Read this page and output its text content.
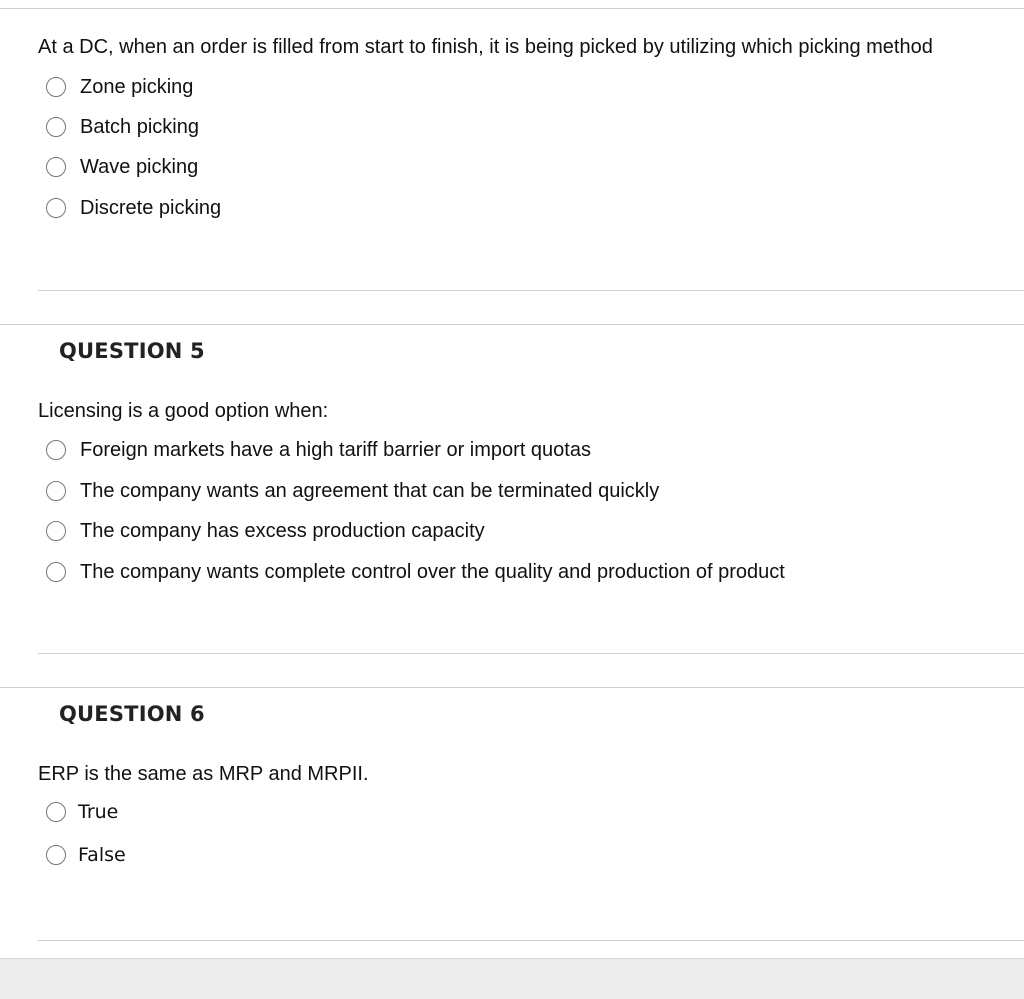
At a DC, when an order is filled from start to finish, it is being picked by utilizing which picking method
Zone picking
Batch picking
Wave picking
Discrete picking
QUESTION 5
Licensing is a good option when:
Foreign markets have a high tariff barrier or import quotas
The company wants an agreement that can be terminated quickly
The company has excess production capacity
The company wants complete control over the quality and production of product
QUESTION 6
ERP is the same as MRP and MRPII.
True
False
